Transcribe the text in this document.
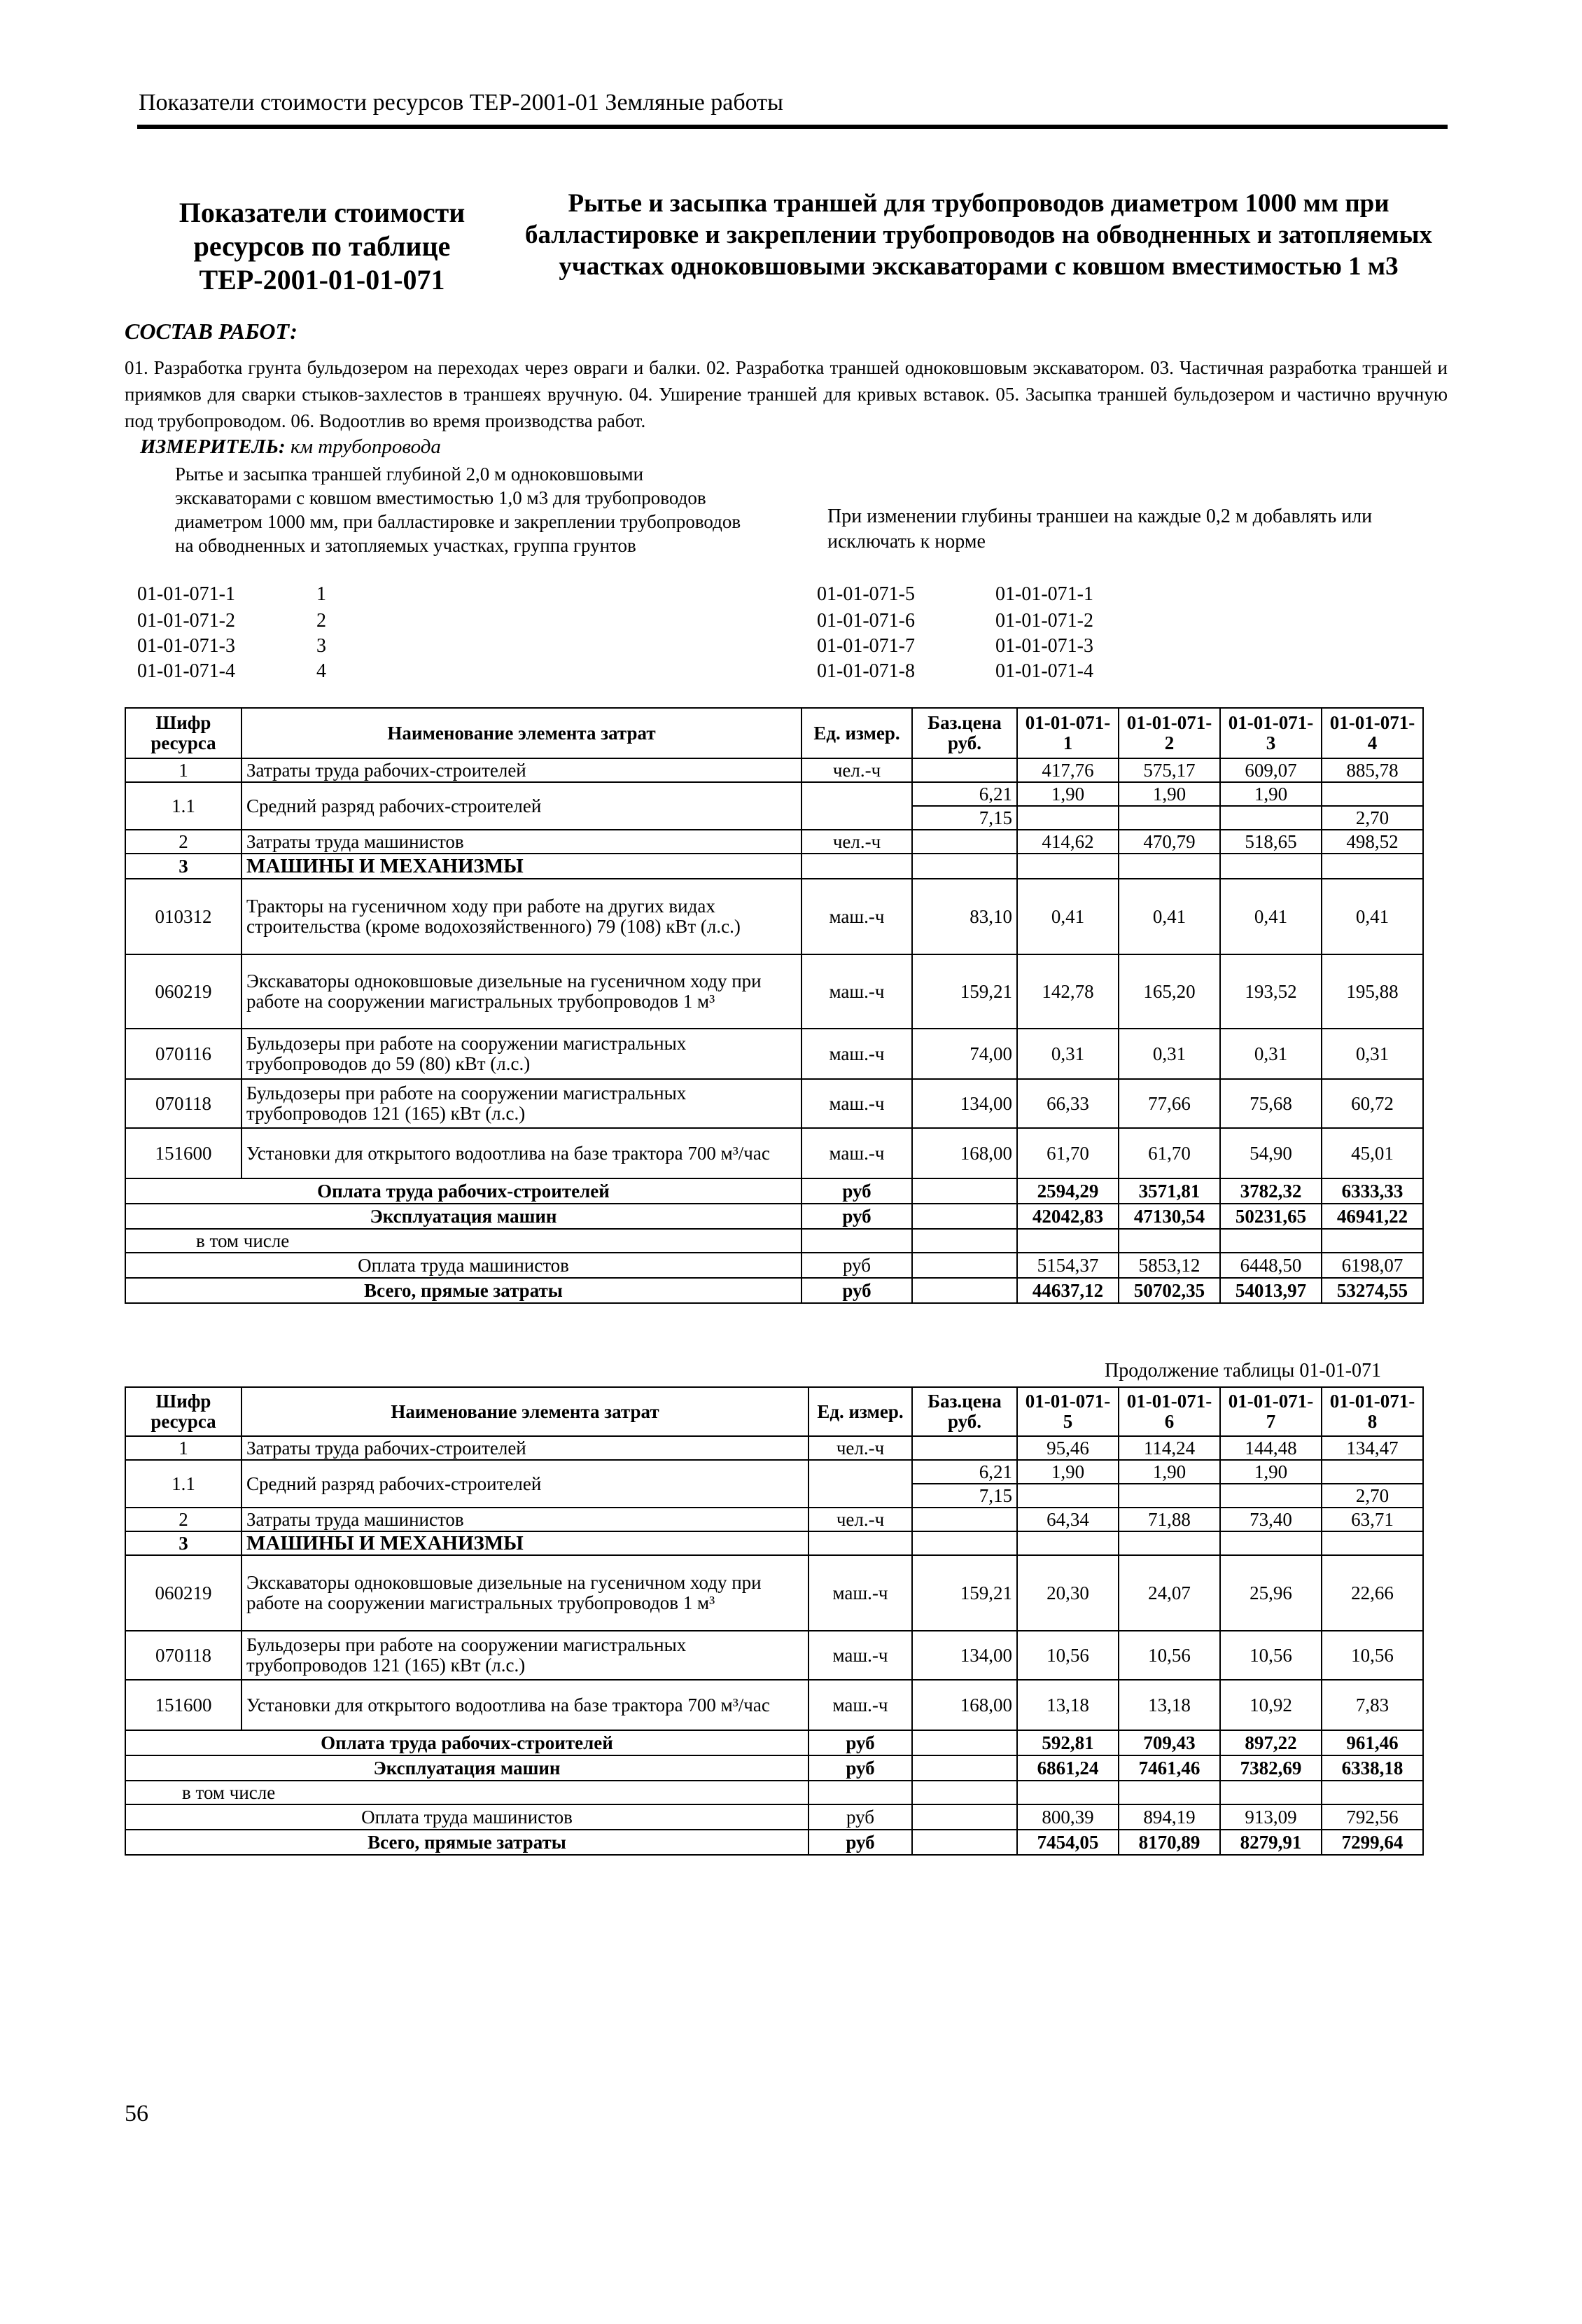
Показатели стоимости ресурсов ТЕР-2001-01 Земляные работы
Показатели стоимости ресурсов по таблице ТЕР-2001-01-01-071
Рытье и засыпка траншей для трубопроводов диаметром 1000 мм при балластировке и закреплении трубопроводов на обводненных и затопляемых участках одноковшовыми экскаваторами с ковшом вместимостью 1 м3
СОСТАВ РАБОТ:
01. Разработка грунта бульдозером на переходах через овраги и балки. 02. Разработка траншей одноковшовым экскаватором. 03. Частичная разработка траншей и приямков для сварки стыков-захлестов в траншеях вручную. 04. Уширение траншей для кривых вставок. 05. Засыпка траншей бульдозером и частично вручную под трубопроводом. 06. Водоотлив во время производства работ.
ИЗМЕРИТЕЛЬ: км трубопровода
Рытье и засыпка траншей глубиной 2,0 м одноковшовыми экскаваторами с ковшом вместимостью 1,0 м3 для трубопроводов диаметром 1000 мм, при балластировке и закреплении трубопроводов на обводненных и затопляемых участках, группа грунтов
При изменении глубины траншеи на каждые 0,2 м добавлять или исключать к норме
01-01-071-1	1
01-01-071-2	2
01-01-071-3	3
01-01-071-4	4
01-01-071-5	01-01-071-1
01-01-071-6	01-01-071-2
01-01-071-7	01-01-071-3
01-01-071-8	01-01-071-4
Шифр ресурса	Наименование элемента затрат	Ед. измер.	Баз.цена руб.	01-01-071-1	01-01-071-2	01-01-071-3	01-01-071-4
1	Затраты труда рабочих-строителей	чел.-ч		417,76	575,17	609,07	885,78
1.1	Средний разряд рабочих-строителей		6,21	1,90	1,90	1,90	
			7,15				2,70
2	Затраты труда машинистов	чел.-ч		414,62	470,79	518,65	498,52
3	МАШИНЫ И МЕХАНИЗМЫ						
010312	Тракторы на гусеничном ходу при работе на других видах строительства (кроме водохозяйственного) 79 (108) кВт (л.с.)	маш.-ч	83,10	0,41	0,41	0,41	0,41
060219	Экскаваторы одноковшовые дизельные на гусеничном ходу при работе на сооружении магистральных трубопроводов 1 м³	маш.-ч	159,21	142,78	165,20	193,52	195,88
070116	Бульдозеры при работе на сооружении магистральных трубопроводов до 59 (80) кВт (л.с.)	маш.-ч	74,00	0,31	0,31	0,31	0,31
070118	Бульдозеры при работе на сооружении магистральных трубопроводов 121 (165) кВт (л.с.)	маш.-ч	134,00	66,33	77,66	75,68	60,72
151600	Установки для открытого водоотлива на базе трактора 700 м³/час	маш.-ч	168,00	61,70	61,70	54,90	45,01
Оплата труда рабочих-строителей		руб		2594,29	3571,81	3782,32	6333,33
Эксплуатация машин		руб		42042,83	47130,54	50231,65	46941,22
в том числе							
Оплата труда машинистов		руб		5154,37	5853,12	6448,50	6198,07
Всего, прямые затраты		руб		44637,12	50702,35	54013,97	53274,55
Продолжение таблицы 01-01-071
Шифр ресурса	Наименование элемента затрат	Ед. измер.	Баз.цена руб.	01-01-071-5	01-01-071-6	01-01-071-7	01-01-071-8
1	Затраты труда рабочих-строителей	чел.-ч		95,46	114,24	144,48	134,47
1.1	Средний разряд рабочих-строителей		6,21	1,90	1,90	1,90	
			7,15				2,70
2	Затраты труда машинистов	чел.-ч		64,34	71,88	73,40	63,71
3	МАШИНЫ И МЕХАНИЗМЫ						
060219	Экскаваторы одноковшовые дизельные на гусеничном ходу при работе на сооружении магистральных трубопроводов 1 м³	маш.-ч	159,21	20,30	24,07	25,96	22,66
070118	Бульдозеры при работе на сооружении магистральных трубопроводов 121 (165) кВт (л.с.)	маш.-ч	134,00	10,56	10,56	10,56	10,56
151600	Установки для открытого водоотлива на базе трактора 700 м³/час	маш.-ч	168,00	13,18	13,18	10,92	7,83
Оплата труда рабочих-строителей		руб		592,81	709,43	897,22	961,46
Эксплуатация машин		руб		6861,24	7461,46	7382,69	6338,18
в том числе							
Оплата труда машинистов		руб		800,39	894,19	913,09	792,56
Всего, прямые затраты		руб		7454,05	8170,89	8279,91	7299,64
56
